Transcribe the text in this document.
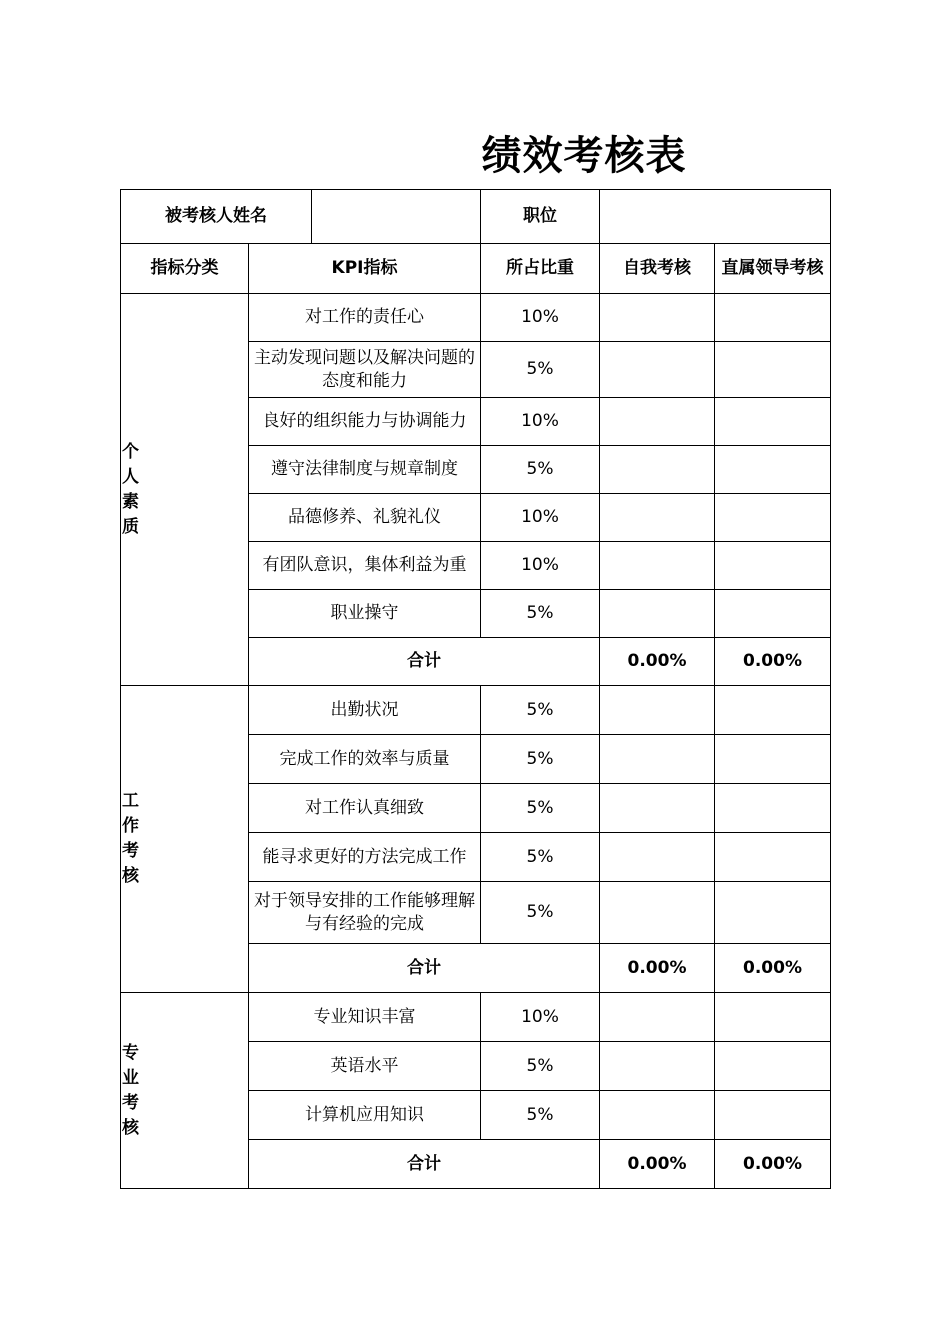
绩效考核表
被考核人姓名			职位		
指标分类	KPI指标		所占比重	自我考核	直属领导考核

个人素质	对工作的责任心		10%		
	主动发现问题以及解决问题的态度和能力		5%		
	良好的组织能力与协调能力		10%		
	遵守法律制度与规章制度		5%		
	品德修养、礼貌礼仪		10%		
	有团队意识，集体利益为重		10%		
	职业操守		5%		
	合计			0.00%	0.00%

工作考核	出勤状况		5%		
	完成工作的效率与质量		5%		
	对工作认真细致		5%		
	能寻求更好的方法完成工作		5%		
	对于领导安排的工作能够理解与有经验的完成		5%		
	合计			0.00%	0.00%

专业考核	专业知识丰富		10%		
	英语水平		5%		
	计算机应用知识		5%		
	合计			0.00%	0.00%
